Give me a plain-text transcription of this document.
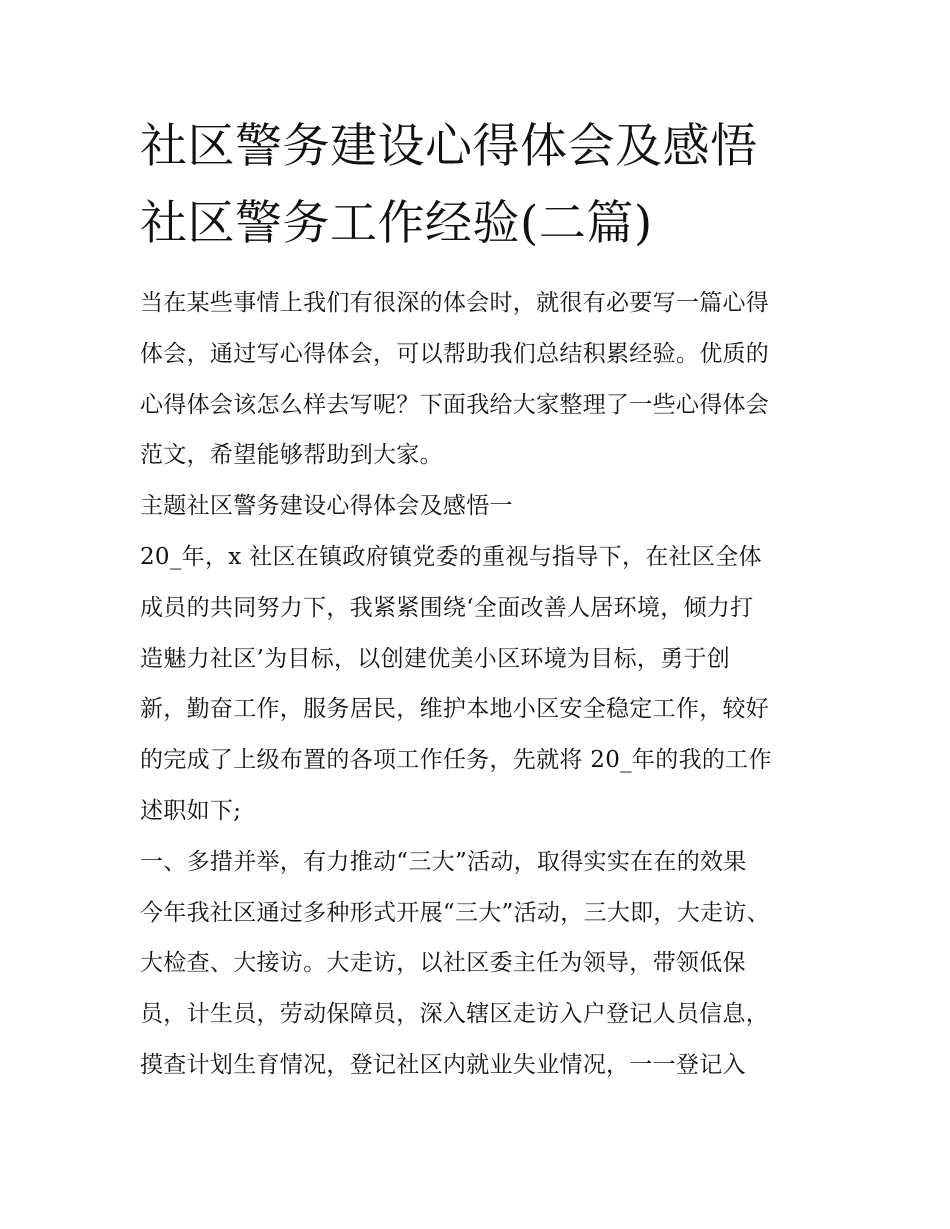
社区警务建设心得体会及感悟
社区警务工作经验(二篇)
当在某些事情上我们有很深的体会时，就很有必要写一篇心得
体会，通过写心得体会，可以帮助我们总结积累经验。优质的
心得体会该怎么样去写呢？下面我给大家整理了一些心得体会
范文，希望能够帮助到大家。
主题社区警务建设心得体会及感悟一
20_年，x 社区在镇政府镇党委的重视与指导下，在社区全体
成员的共同努力下，我紧紧围绕‘全面改善人居环境，倾力打
造魅力社区’为目标，以创建优美小区环境为目标，勇于创
新，勤奋工作，服务居民，维护本地小区安全稳定工作，较好
的完成了上级布置的各项工作任务，先就将 20_年的我的工作
述职如下;
一、多措并举，有力推动“三大”活动，取得实实在在的效果
今年我社区通过多种形式开展“三大”活动，三大即，大走访、
大检查、大接访。大走访，以社区委主任为领导，带领低保
员，计生员，劳动保障员，深入辖区走访入户登记人员信息，
摸查计划生育情况，登记社区内就业失业情况，一一登记入
